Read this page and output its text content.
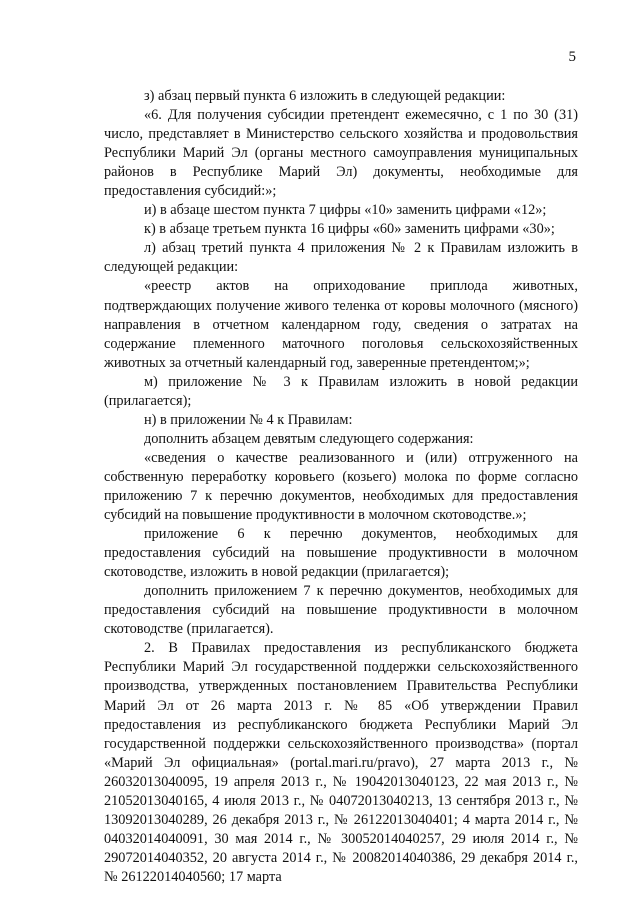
5

з) абзац первый пункта 6 изложить в следующей редакции:

«6. Для получения субсидии претендент ежемесячно, с 1 по 30 (31) число, представляет в Министерство сельского хозяйства и продовольствия Республики Марий Эл (органы местного самоуправления муниципальных районов в Республике Марий Эл) документы, необходимые для предоставления субсидий:»;

и) в абзаце шестом пункта 7 цифры «10» заменить цифрами «12»;

к) в абзаце третьем пункта 16 цифры «60» заменить цифрами «30»;

л) абзац третий пункта 4 приложения № 2 к Правилам изложить в следующей редакции:

«реестр актов на оприходование приплода животных, подтверждающих получение живого теленка от коровы молочного (мясного) направления в отчетном календарном году, сведения о затратах на содержание племенного маточного поголовья сельскохозяйственных животных за отчетный календарный год, заверенные претендентом;»;

м) приложение № 3 к Правилам изложить в новой редакции (прилагается);

н) в приложении № 4 к Правилам:

дополнить абзацем девятым следующего содержания:

«сведения о качестве реализованного и (или) отгруженного на собственную переработку коровьего (козьего) молока по форме согласно приложению 7 к перечню документов, необходимых для предоставления субсидий на повышение продуктивности в молочном скотоводстве.»;

приложение 6 к перечню документов, необходимых для предоставления субсидий на повышение продуктивности в молочном скотоводстве, изложить в новой редакции (прилагается);

дополнить приложением 7 к перечню документов, необходимых для предоставления субсидий на повышение продуктивности в молочном скотоводстве (прилагается).

2. В Правилах предоставления из республиканского бюджета Республики Марий Эл государственной поддержки сельскохозяйственного производства, утвержденных постановлением Правительства Республики Марий Эл от 26 марта 2013 г. № 85 «Об утверждении Правил предоставления из республиканского бюджета Республики Марий Эл государственной поддержки сельскохозяйственного производства» (портал «Марий Эл официальная» (portal.mari.ru/pravo), 27 марта 2013 г., № 26032013040095, 19 апреля 2013 г., № 19042013040123, 22 мая 2013 г., № 21052013040165, 4 июля 2013 г., № 04072013040213, 13 сентября 2013 г., № 13092013040289, 26 декабря 2013 г., № 26122013040401; 4 марта 2014 г., № 04032014040091, 30 мая 2014 г., № 30052014040257, 29 июля 2014 г., № 29072014040352, 20 августа 2014 г., № 20082014040386, 29 декабря 2014 г., № 26122014040560; 17 марта
